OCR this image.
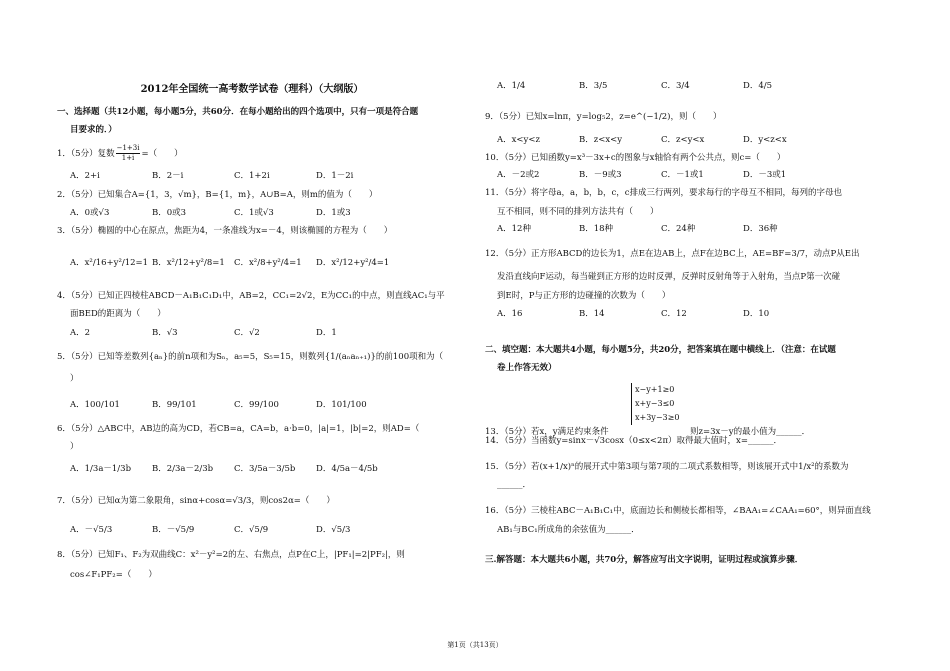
2012年全国统一高考数学试卷（理科）（大纲版）
一、选择题（共12小题，每小题5分，共60分．在每小题给出的四个选项中，只有一项是符合题
目要求的．）
1．（5分）复数 $\frac{-1+3i}{1+i}$ =（　　）
A．2+i	B．2－i	C．1+2i	D．1－2i
2．（5分）已知集合A={1，3，√m}，B={1，m}，A∪B=A，则m的值为（　　）
A．0或√3	B．0或3	C．1或√3	D．1或3
3．（5分）椭圆的中心在原点，焦距为4，一条准线为x=－4，则该椭圆的方程为（　　）
A．x²/16+y²/12=1 B．x²/12+y²/8=1	C．x²/8+y²/4=1	D．x²/12+y²/4=1
4．（5分）已知正四棱柱ABCD－A₁B₁C₁D₁中，AB=2，CC₁=2√2，E为CC₁的中点，则直线AC₁与平
面BED的距离为（　　）
A．2	B．√3	C．√2	D．1
5．（5分）已知等差数列{aₙ}的前n项和为Sₙ，a₅=5，S₅=15，则数列{1/(aₙaₙ₊₁)}的前100项和为（
）
A．100/101	B．99/101	C．99/100	D．101/100
6．（5分）△ABC中，AB边的高为CD，若CB=a，CA=b，a·b=0，|a|=1，|b|=2，则AD=（
）
A．1/3a－1/3b	B．2/3a－2/3b	C．3/5a－3/5b	D．4/5a－4/5b
7．（5分）已知α为第二象限角，sinα+cosα=√3/3，则cos2α=（　　）
A．－√5/3	B．－√5/9	C．√5/9	D．√5/3
8．（5分）已知F₁、F₂为双曲线C：x²－y²=2的左、右焦点，点P在C上，|PF₁|=2|PF₂|，则
cos∠F₁PF₂=（　　）
A．1/4	B．3/5	C．3/4	D．4/5
9．（5分）已知x=lnπ，y=log₅2，z=e^(−1/2)，则（　　）
A．x<y<z	B．z<x<y	C．z<y<x	D．y<z<x
10．（5分）已知函数y=x³－3x+c的图象与x轴恰有两个公共点，则c=（　　）
A．－2或2	B．－9或3	C．－1或1	D．－3或1
11．（5分）将字母a，a，b，b，c，c排成三行两列，要求每行的字母互不相同，每列的字母也
互不相同，则不同的排列方法共有（　　）
A．12种	B．18种	C．24种	D．36种
12．（5分）正方形ABCD的边长为1，点E在边AB上，点F在边BC上，AE=BF=3/7，动点P从E出
发沿直线向F运动，每当碰到正方形的边时反弹，反弹时反射角等于入射角，当点P第一次碰
到E时，P与正方形的边碰撞的次数为（　　）
A．16	B．14	C．12	D．10
二、填空题：本大题共4小题，每小题5分，共20分，把答案填在题中横线上．（注意：在试题
卷上作答无效）
13．（5分）若x，y满足约束条件
x−y+1≥0
x+y−3≤0
x+3y−3≥0
则z=3x－y的最小值为______．
14．（5分）当函数y=sinx－√3cosx（0≤x<2π）取得最大值时，x=______．
15．（5分）若(x+1/x)ⁿ的展开式中第3项与第7项的二项式系数相等，则该展开式中1/x²的系数为
______．
16．（5分）三棱柱ABC－A₁B₁C₁中，底面边长和侧棱长都相等，∠BAA₁=∠CAA₁=60°，则异面直线
AB₁与BC₁所成角的余弦值为______．
三.解答题：本大题共6小题，共70分，解答应写出文字说明，证明过程或演算步骤．
第1页（共13页）
